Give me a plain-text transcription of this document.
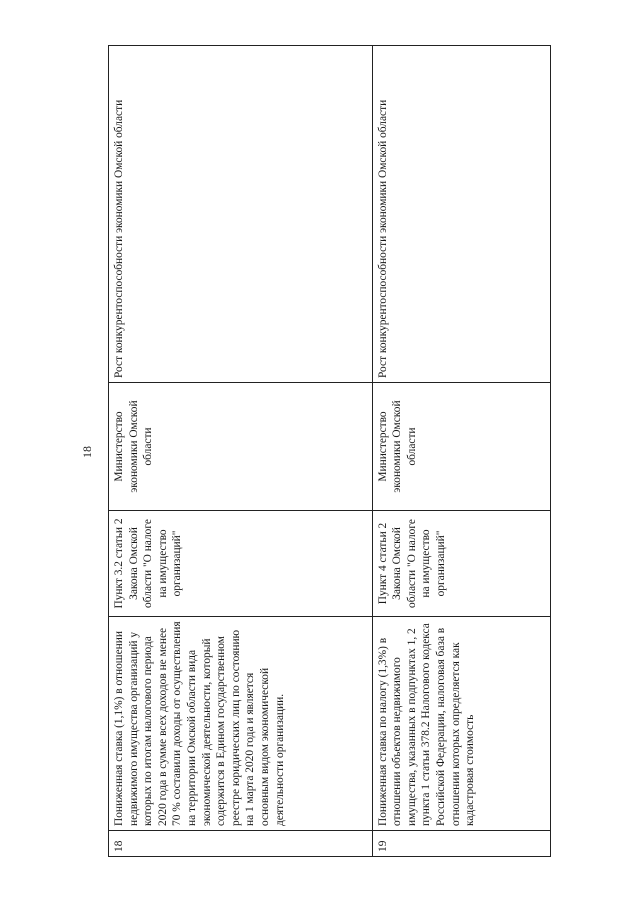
18
18	Пониженная ставка (1,1%) в отношении недвижимого имущества организаций у которых по итогам налогового периода 2020 года в сумме всех доходов не менее 70 % составили доходы от осуществления на территории Омской области вида экономической деятельности, который содержится в Едином государственном реестре юридических лиц по состоянию на 1 марта 2020 года и является основным видом экономической деятельности организации.	Пункт 3.2 статьи 2 Закона Омской области "О налоге на имущество организаций"	Министерство экономики Омской области	Рост конкурентоспособности экономики Омской области
19	Пониженная ставка по налогу (1,3%) в отношении объектов недвижимого имущества, указанных в подпунктах 1, 2 пункта 1 статьи 378.2 Налогового кодекса Российской Федерации, налоговая база в отношении которых определяется как кадастровая стоимость	Пункт 4 статьи 2 Закона Омской области "О налоге на имущество организаций"	Министерство экономики Омской области	Рост конкурентоспособности экономики Омской области
